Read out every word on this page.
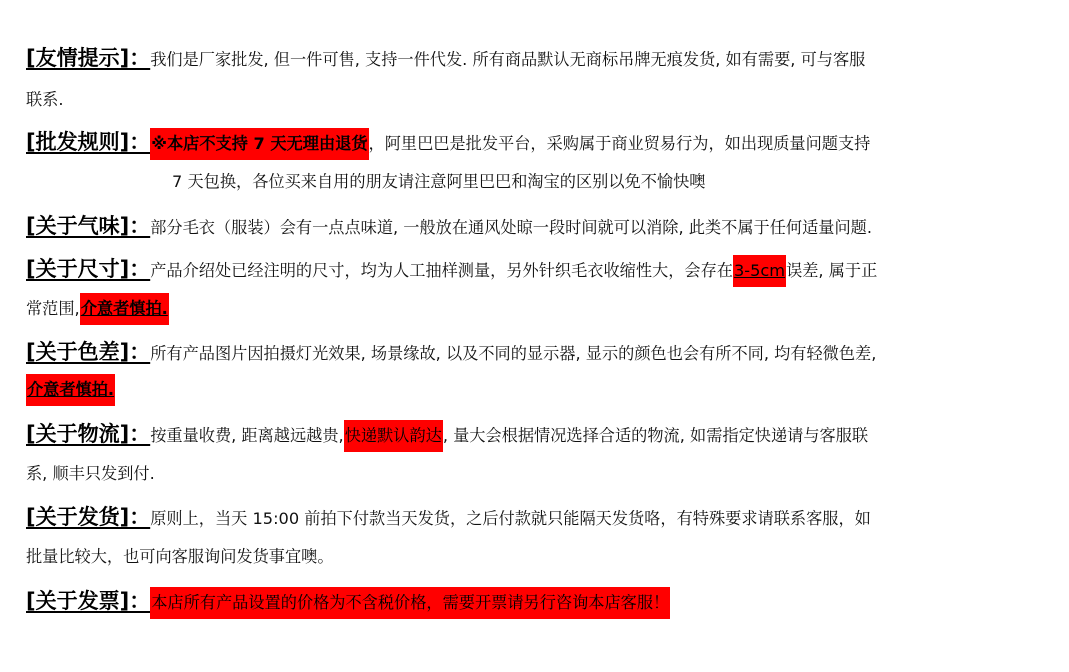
[友情提示]：我们是厂家批发, 但一件可售, 支持一件代发. 所有商品默认无商标吊牌无痕发货, 如有需要, 可与客服
联系.
[批发规则]：※本店不支持 7 天无理由退货，阿里巴巴是批发平台，采购属于商业贸易行为，如出现质量问题支持
7 天包换，各位买来自用的朋友请注意阿里巴巴和淘宝的区别以免不愉快噢
[关于气味]：部分毛衣（服装）会有一点点味道, 一般放在通风处晾一段时间就可以消除, 此类不属于任何适量问题.
[关于尺寸]：产品介绍处已经注明的尺寸，均为人工抽样测量，另外针织毛衣收缩性大，会存在3-5cm误差, 属于正
常范围,介意者慎拍.
[关于色差]：所有产品图片因拍摄灯光效果, 场景缘故, 以及不同的显示器, 显示的颜色也会有所不同, 均有轻微色差,
介意者慎拍.
[关于物流]：按重量收费, 距离越远越贵,快递默认韵达, 量大会根据情况选择合适的物流, 如需指定快递请与客服联
系, 顺丰只发到付.
[关于发货]：原则上，当天 15:00 前拍下付款当天发货，之后付款就只能隔天发货咯，有特殊要求请联系客服，如
批量比较大，也可向客服询问发货事宜噢。
[关于发票]：本店所有产品设置的价格为不含税价格，需要开票请另行咨询本店客服！
